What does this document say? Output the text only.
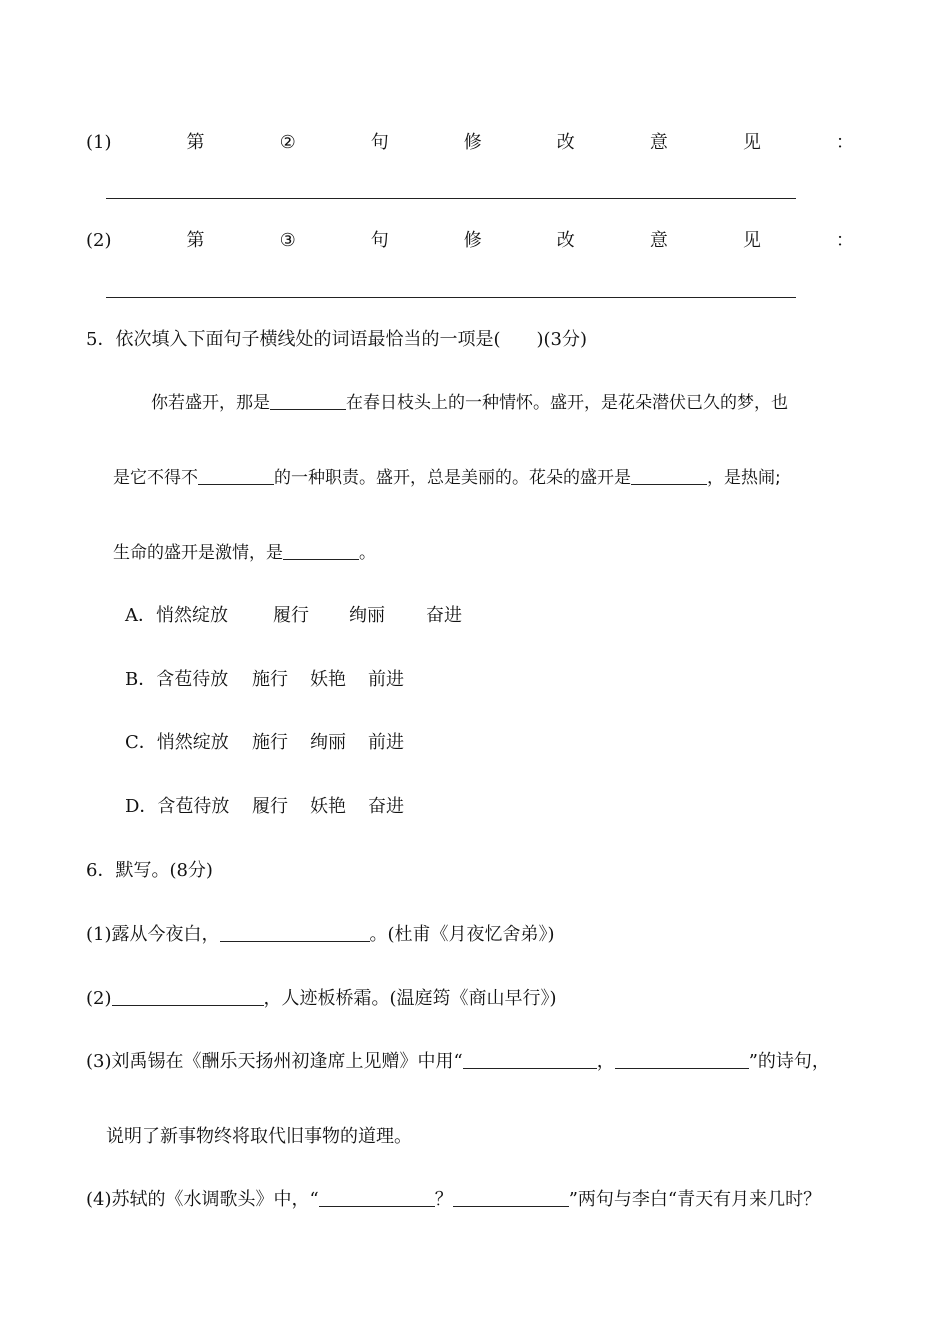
(1)	第	②	句	修	改	意	见	：
(2)	第	③	句	修	改	意	见	：
5．依次填入下面句子横线处的词语最恰当的一项是(　　)(3分)
你若盛开，那是	在春日枝头上的一种情怀。盛开，是花朵潜伏已久的梦，也
是它不得不	的一种职责。盛开，总是美丽的。花朵的盛开是	，是热闹;
生命的盛开是激情，是	。
A．悄然绽放	履行 绚丽 奋进
B．含苞待放 施行 妖艳 前进
C．悄然绽放 施行 绚丽 前进
D．含苞待放 履行 妖艳 奋进
6．默写。(8分)
(1)露从今夜白，	。(杜甫《月夜忆舍弟》)
(2)	，人迹板桥霜。(温庭筠《商山早行》)
(3)刘禹锡在《酬乐天扬州初逢席上见赠》中用“	，	”的诗句，
说明了新事物终将取代旧事物的道理。
(4)苏轼的《水调歌头》中，“	？	”两句与李白“青天有月来几时？
